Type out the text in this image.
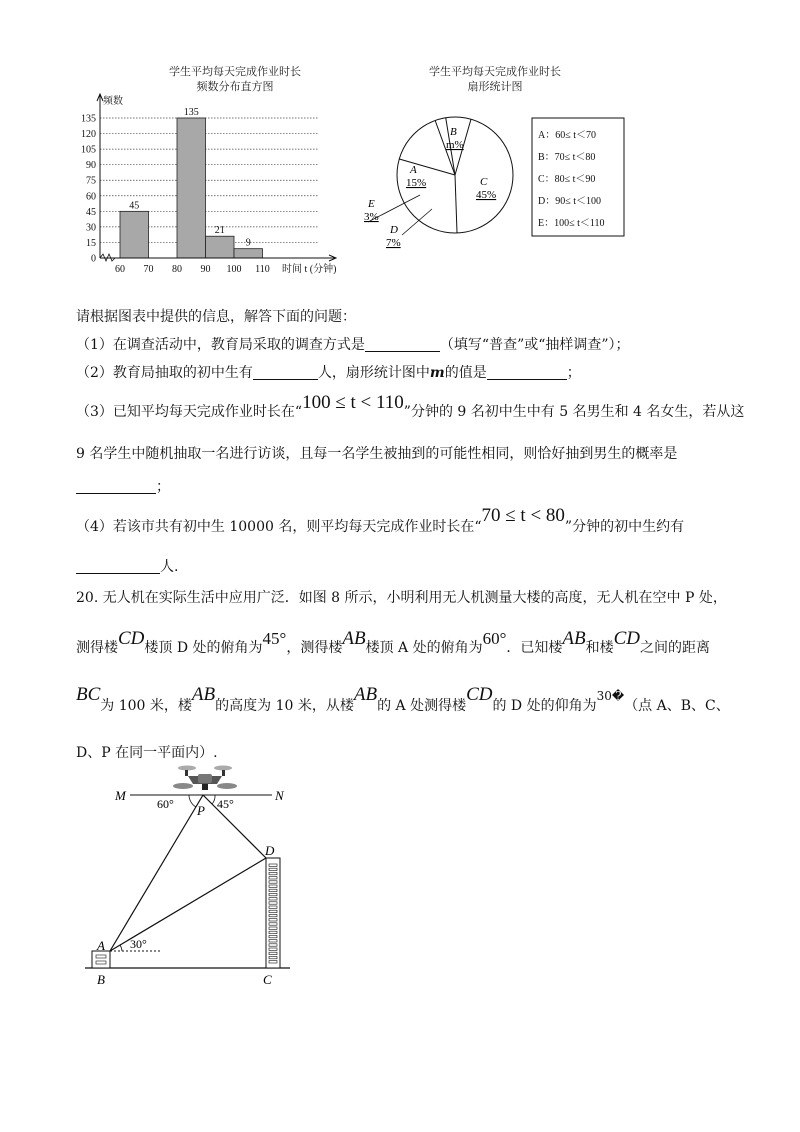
学生平均每天完成作业时长
频数分布直方图
0
15
30
45
60
75
90
105
120
135
45
135
21
9
60 70 80 90 100 110
频数
时间 t (分钟)
学生平均每天完成作业时长
扇形统计图
A
15%
E
3%
D
7%
C
45%
B
m%
A：60≤ t＜70
B：70≤ t＜80
C：80≤ t＜90
D：90≤ t＜100
E：100≤ t＜110
请根据图表中提供的信息，解答下面的问题：
（1）在调查活动中，教育局采取的调查方式是	（填写“普查”或“抽样调查”）；
（2）教育局抽取的初中生有	人，扇形统计图中m的值是	；
（3）已知平均每天完成作业时长在“100 ≤ t < 110”分钟的 9 名初中生中有 5 名男生和 4 名女生，若从这
9 名学生中随机抽取一名进行访谈，且每一名学生被抽到的可能性相同，则恰好抽到男生的概率是
；
（4）若该市共有初中生 10000 名，则平均每天完成作业时长在“70 ≤ t < 80”分钟的初中生约有
人.
20. 无人机在实际生活中应用广泛．如图 8 所示，小明利用无人机测量大楼的高度，无人机在空中 P 处，
测得楼CD楼顶 D 处的俯角为45°，测得楼AB楼顶 A 处的俯角为60°．已知楼AB和楼CD之间的距离
BC为 100 米，楼AB的高度为 10 米，从楼AB的 A 处测得楼CD的 D 处的仰角为30�（点 A、B、C、
D、P 在同一平面内）.
M	N
P
D
A
B	C
60°	45°
30°
